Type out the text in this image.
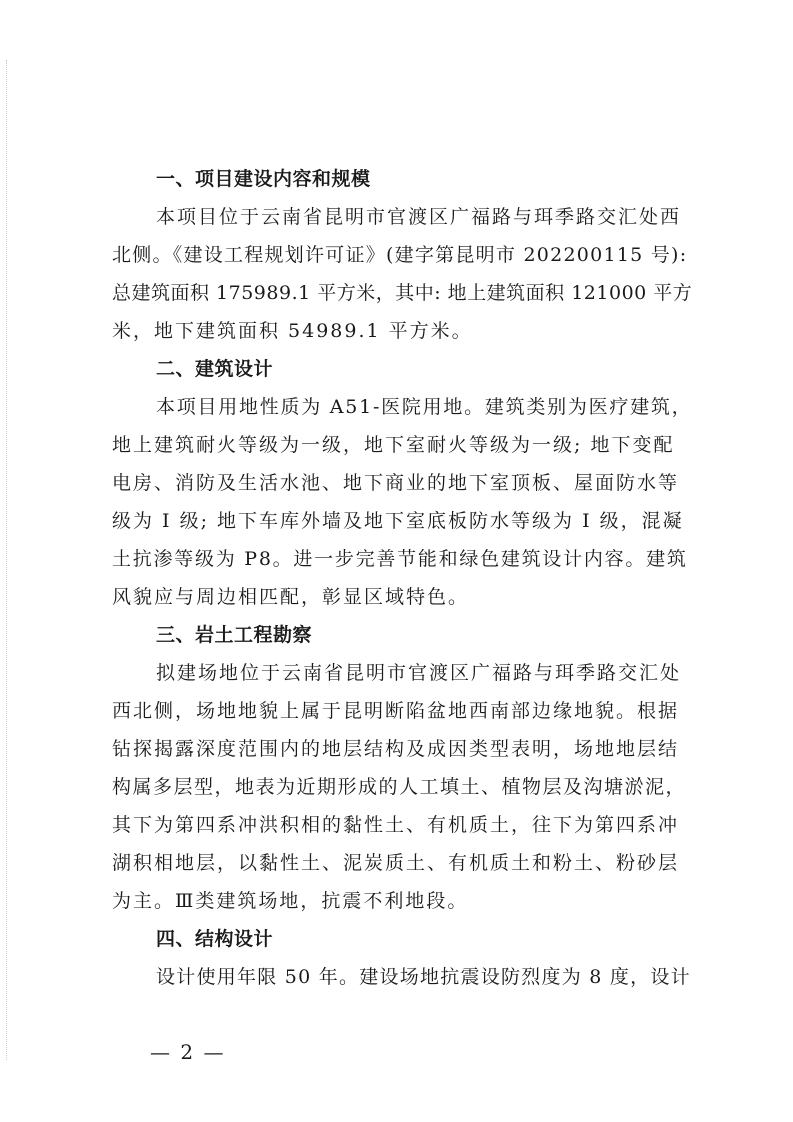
一、项目建设内容和规模
本项目位于云南省昆明市官渡区广福路与珥季路交汇处西
北侧。《建设工程规划许可证》(建字第昆明市 202200115 号):
总建筑面积 175989.1 平方米，其中: 地上建筑面积 121000 平方
米，地下建筑面积 54989.1 平方米。
二、建筑设计
本项目用地性质为 A51-医院用地。建筑类别为医疗建筑，
地上建筑耐火等级为一级，地下室耐火等级为一级; 地下变配
电房、消防及生活水池、地下商业的地下室顶板、屋面防水等
级为 I 级; 地下车库外墙及地下室底板防水等级为 I 级，混凝
土抗渗等级为 P8。进一步完善节能和绿色建筑设计内容。建筑
风貌应与周边相匹配，彰显区域特色。
三、岩土工程勘察
拟建场地位于云南省昆明市官渡区广福路与珥季路交汇处
西北侧，场地地貌上属于昆明断陷盆地西南部边缘地貌。根据
钻探揭露深度范围内的地层结构及成因类型表明，场地地层结
构属多层型，地表为近期形成的人工填土、植物层及沟塘淤泥，
其下为第四系冲洪积相的黏性土、有机质土，往下为第四系冲
湖积相地层，以黏性土、泥炭质土、有机质土和粉土、粉砂层
为主。Ⅲ类建筑场地，抗震不利地段。
四、结构设计
设计使用年限 50 年。建设场地抗震设防烈度为 8 度，设计
— 2 —
